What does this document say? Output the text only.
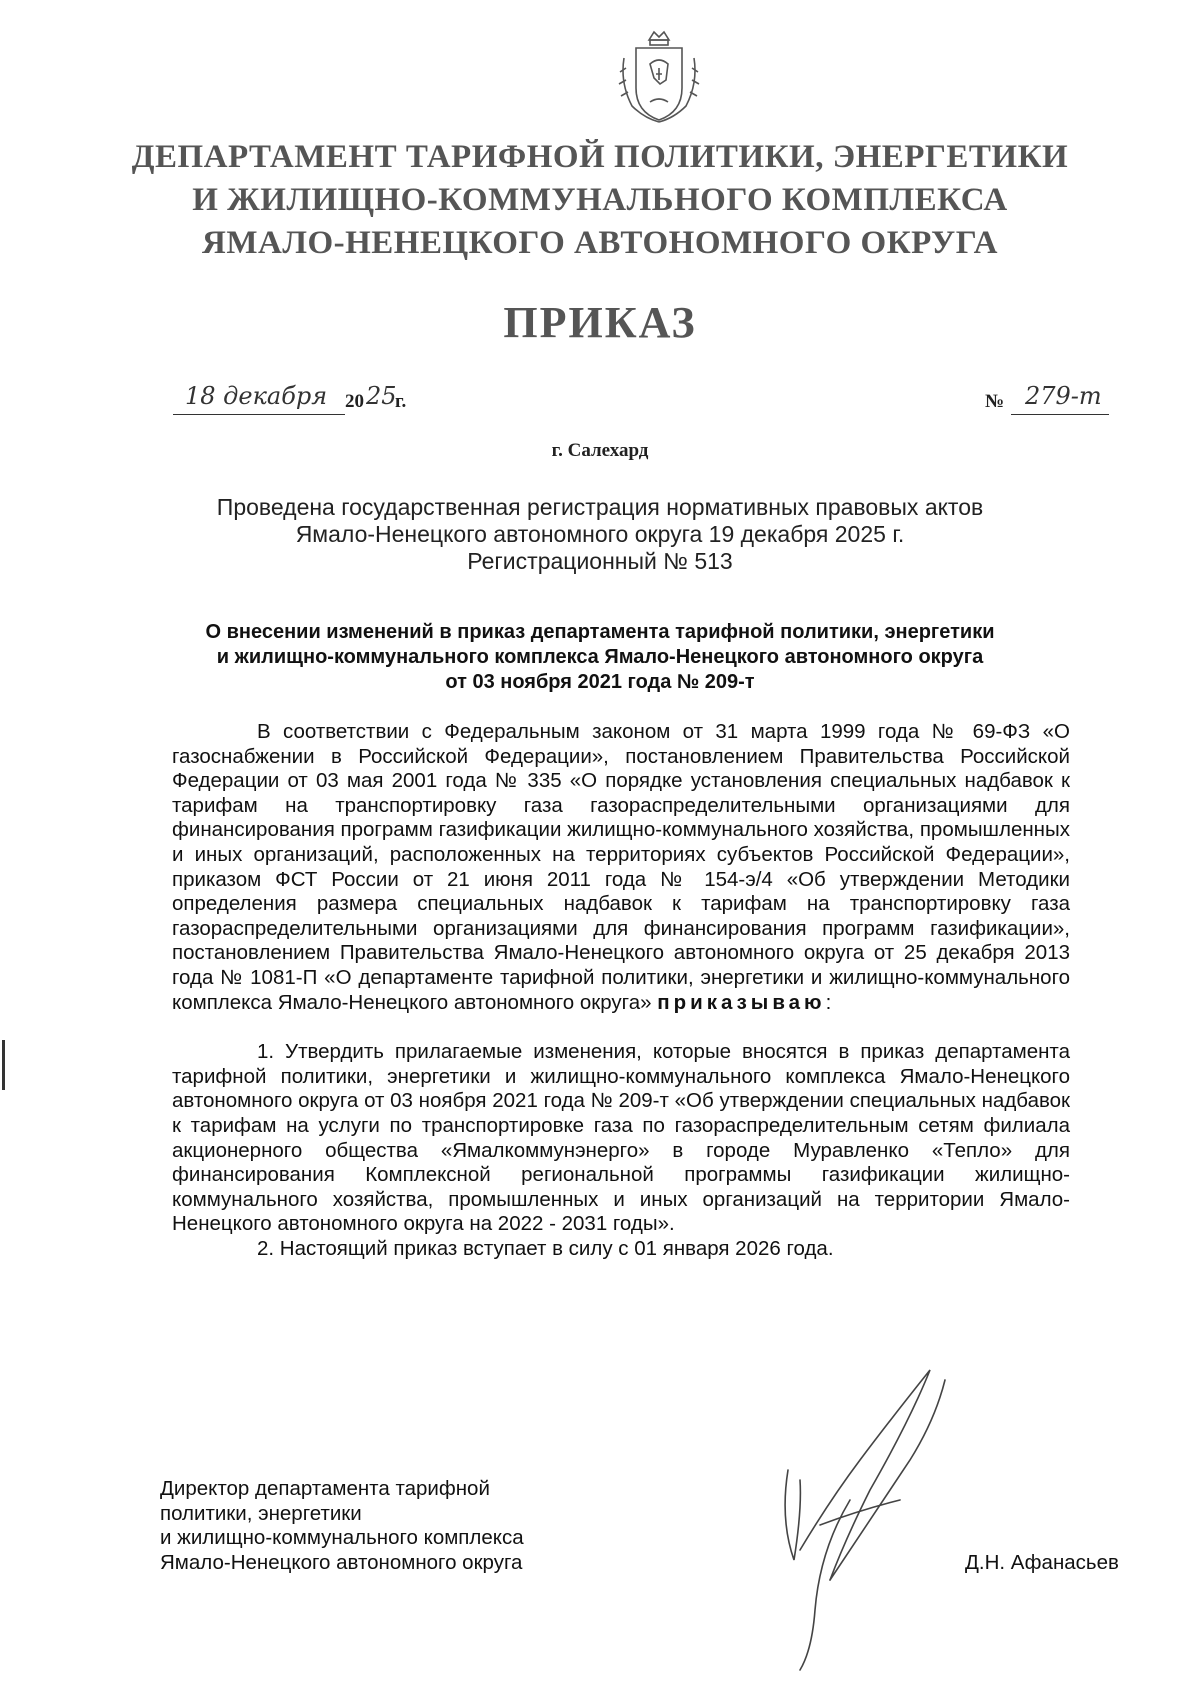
ДЕПАРТАМЕНТ ТАРИФНОЙ ПОЛИТИКИ, ЭНЕРГЕТИКИ
И ЖИЛИЩНО-КОММУНАЛЬНОГО КОМПЛЕКСА
ЯМАЛО-НЕНЕЦКОГО АВТОНОМНОГО ОКРУГА
ПРИКАЗ
18 декабря 20 25
г.	№ 279-т
г. Салехард
Проведена государственная регистрация нормативных правовых актов
Ямало-Ненецкого автономного округа 19 декабря 2025 г.
Регистрационный № 513
О внесении изменений в приказ департамента тарифной политики, энергетики
и жилищно-коммунального комплекса Ямало-Ненецкого автономного округа
от 03 ноября 2021 года № 209-т

В соответствии с Федеральным законом от 31 марта 1999 года № 69-ФЗ «О газоснабжении в Российской Федерации», постановлением Правительства Российской Федерации от 03 мая 2001 года № 335 «О порядке установления специальных надбавок к тарифам на транспортировку газа газораспределительными организациями для финансирования программ газификации жилищно-коммунального хозяйства, промышленных и иных организаций, расположенных на территориях субъектов Российской Федерации», приказом ФСТ России от 21 июня 2011 года № 154-э/4 «Об утверждении Методики определения размера специальных надбавок к тарифам на транспортировку газа газораспределительными организациями для финансирования программ газификации», постановлением Правительства Ямало-Ненецкого автономного округа от 25 декабря 2013 года № 1081-П «О департаменте тарифной политики, энергетики и жилищно-коммунального комплекса Ямало-Ненецкого автономного округа» приказываю:

1. Утвердить прилагаемые изменения, которые вносятся в приказ департамента тарифной политики, энергетики и жилищно-коммунального комплекса Ямало-Ненецкого автономного округа от 03 ноября 2021 года № 209-т «Об утверждении специальных надбавок к тарифам на услуги по транспортировке газа по газораспределительным сетям филиала акционерного общества «Ямалкоммунэнерго» в городе Муравленко «Тепло» для финансирования Комплексной региональной программы газификации жилищно-коммунального хозяйства, промышленных и иных организаций на территории Ямало-Ненецкого автономного округа на 2022 - 2031 годы».

2. Настоящий приказ вступает в силу с 01 января 2026 года.

Директор департамента тарифной
политики, энергетики
и жилищно-коммунального комплекса
Ямало-Ненецкого автономного округа	Д.Н. Афанасьев
